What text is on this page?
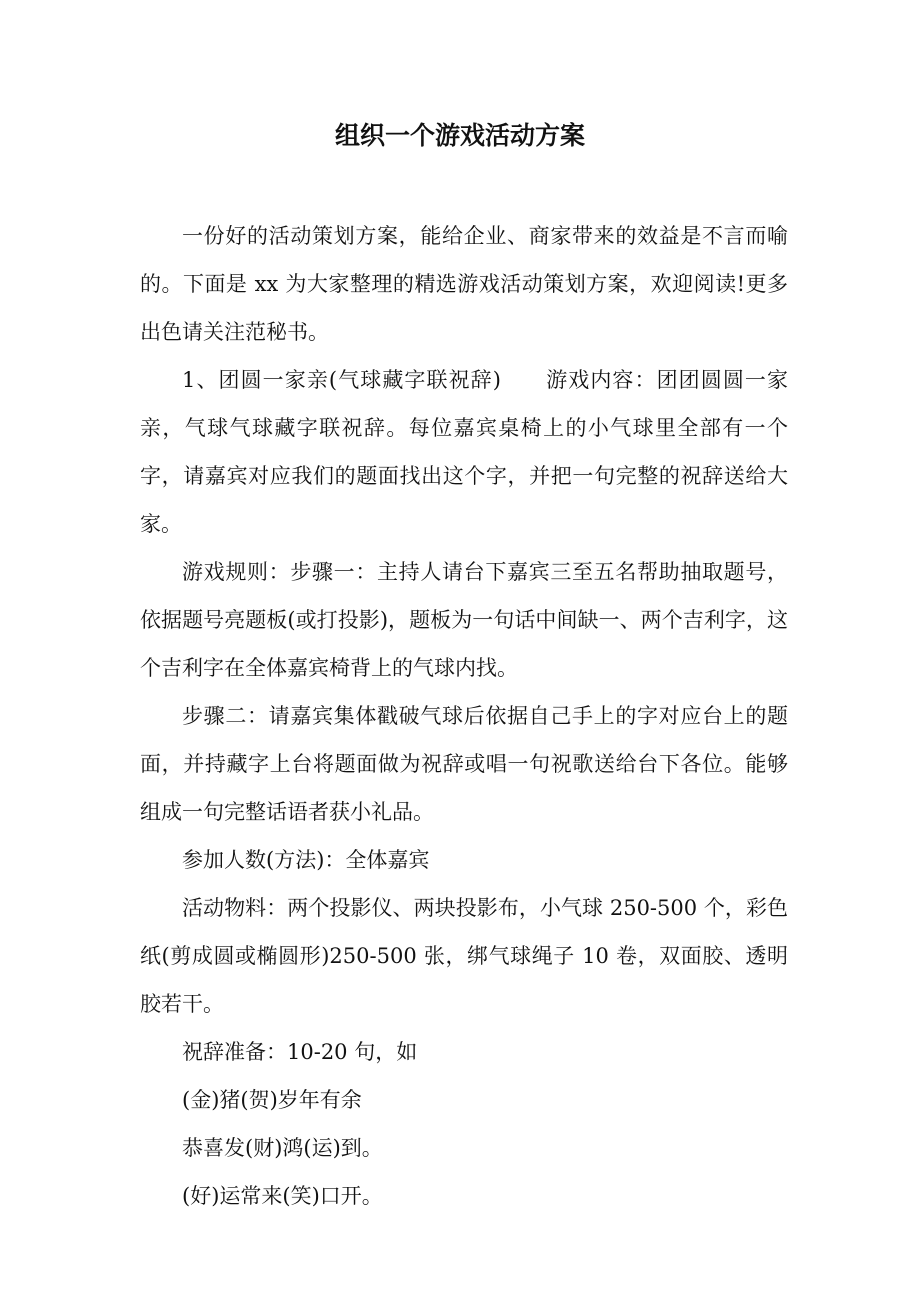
组织一个游戏活动方案

一份好的活动策划方案，能给企业、商家带来的效益是不言而喻的。下面是 xx 为大家整理的精选游戏活动策划方案，欢迎阅读!更多出色请关注范秘书。

1、团圆一家亲(气球藏字联祝辞)　　游戏内容：团团圆圆一家亲，气球气球藏字联祝辞。每位嘉宾桌椅上的小气球里全部有一个字，请嘉宾对应我们的题面找出这个字，并把一句完整的祝辞送给大家。

游戏规则：步骤一：主持人请台下嘉宾三至五名帮助抽取题号，依据题号亮题板(或打投影)，题板为一句话中间缺一、两个吉利字，这个吉利字在全体嘉宾椅背上的气球内找。

步骤二：请嘉宾集体戳破气球后依据自己手上的字对应台上的题面，并持藏字上台将题面做为祝辞或唱一句祝歌送给台下各位。能够组成一句完整话语者获小礼品。

参加人数(方法)：全体嘉宾

活动物料：两个投影仪、两块投影布，小气球 250-500 个，彩色纸(剪成圆或椭圆形)250-500 张，绑气球绳子 10 卷，双面胶、透明胶若干。

祝辞准备：10-20 句，如

(金)猪(贺)岁年有余

恭喜发(财)鸿(运)到。

(好)运常来(笑)口开。
